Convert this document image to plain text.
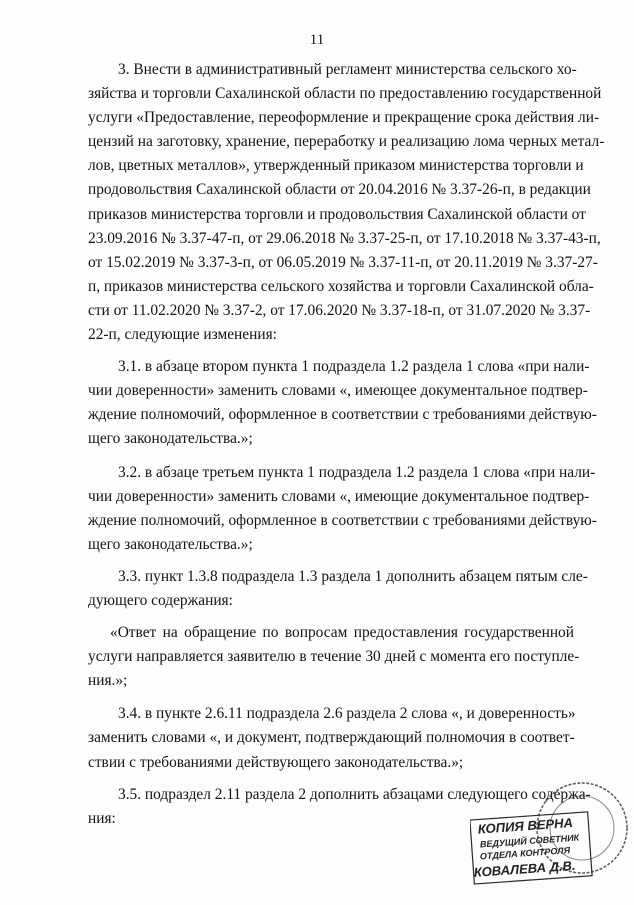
11
3. Внести в административный регламент министерства сельского хо-
зяйства и торговли Сахалинской области по предоставлению государственной
услуги «Предоставление, переоформление и прекращение срока действия ли-
цензий на заготовку, хранение, переработку и реализацию лома черных метал-
лов, цветных металлов», утвержденный приказом министерства торговли и
продовольствия Сахалинской области от 20.04.2016 № 3.37-26-п, в редакции
приказов министерства торговли и продовольствия Сахалинской области от
23.09.2016 № 3.37-47-п, от 29.06.2018 № 3.37-25-п, от 17.10.2018 № 3.37-43-п,
от 15.02.2019 № 3.37-3-п, от 06.05.2019 № 3.37-11-п, от 20.11.2019 № 3.37-27-
п, приказов министерства сельского хозяйства и торговли Сахалинской обла-
сти от 11.02.2020 № 3.37-2, от 17.06.2020 № 3.37-18-п, от 31.07.2020 № 3.37-
22-п, следующие изменения:
3.1. в абзаце втором пункта 1 подраздела 1.2 раздела 1 слова «при нали-
чии доверенности» заменить словами «, имеющее документальное подтвер-
ждение полномочий, оформленное в соответствии с требованиями действую-
щего законодательства.»;
3.2. в абзаце третьем пункта 1 подраздела 1.2 раздела 1 слова «при нали-
чии доверенности» заменить словами «, имеющие документальное подтвер-
ждение полномочий, оформленное в соответствии с требованиями действую-
щего законодательства.»;
3.3. пункт 1.3.8 подраздела 1.3 раздела 1 дополнить абзацем пятым сле-
дующего содержания:
«Ответ на обращение по вопросам предоставления государственной
услуги направляется заявителю в течение 30 дней с момента его поступле-
ния.»;
3.4. в пункте 2.6.11 подраздела 2.6 раздела 2 слова «, и доверенность»
заменить словами «, и документ, подтверждающий полномочия в соответ-
ствии с требованиями действующего законодательства.»;
3.5. подраздел 2.11 раздела 2 дополнить абзацами следующего содержа-
ния:	КОПИЯ ВЕРНА
ВЕДУЩИЙ СОВЕТНИК
ОТДЕЛА КОНТРОЛЯ
КОВАЛЕВА Д.В.
